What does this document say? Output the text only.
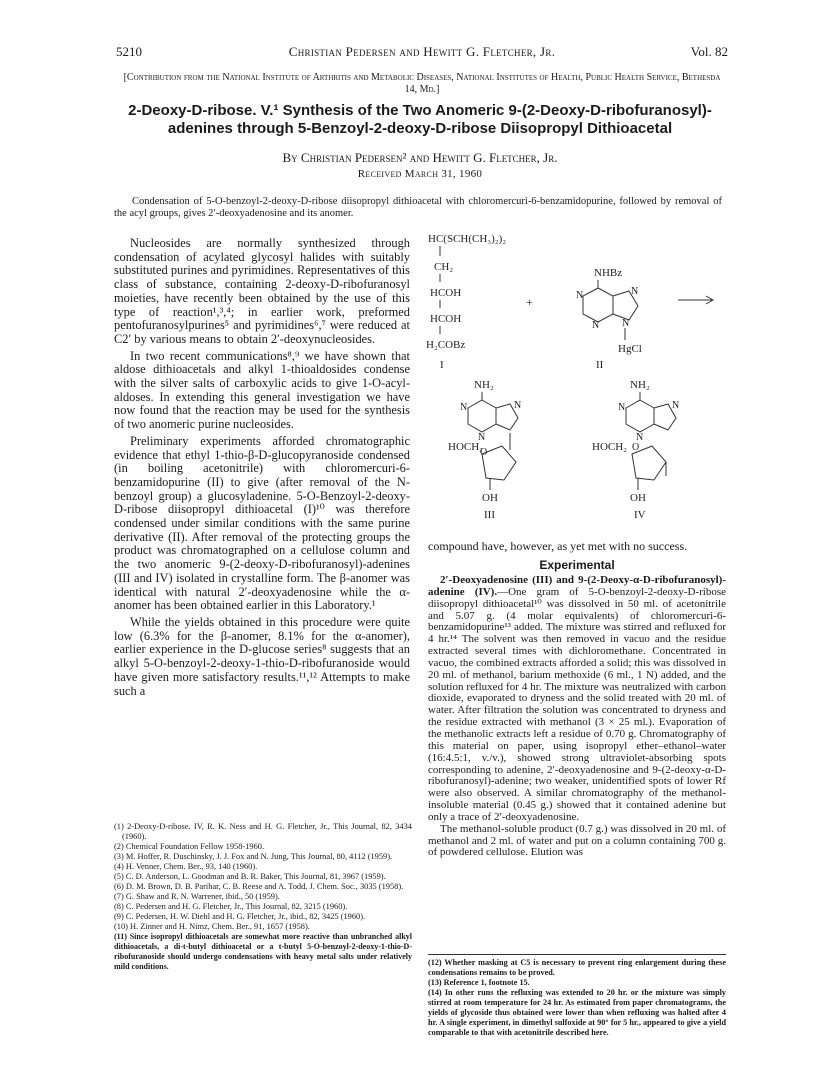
5210	Christian Pedersen and Hewitt G. Fletcher, Jr.	Vol. 82
[Contribution from the National Institute of Arthritis and Metabolic Diseases, National Institutes of Health, Public Health Service, Bethesda 14, Md.]
2-Deoxy-D-ribose. V.¹ Synthesis of the Two Anomeric 9-(2-Deoxy-D-ribofuranosyl)-adenines through 5-Benzoyl-2-deoxy-D-ribose Diisopropyl Dithioacetal
By Christian Pedersen² and Hewitt G. Fletcher, Jr.
Received March 31, 1960
Condensation of 5-O-benzoyl-2-deoxy-D-ribose diisopropyl dithioacetal with chloromercuri-6-benzamidopurine, followed by removal of the acyl groups, gives 2′-deoxyadenosine and its anomer.

Nucleosides are normally synthesized through condensation of acylated glycosyl halides with suitably substituted purines and pyrimidines. Representatives of this class of substance, containing 2-deoxy-D-ribofuranosyl moieties, have recently been obtained by the use of this type of reaction¹,³,⁴; in earlier work, preformed pentofuranosylpurines⁵ and pyrimidines⁶,⁷ were reduced at C2′ by various means to obtain 2′-deoxynucleosides.

In two recent communications⁸,⁹ we have shown that aldose dithioacetals and alkyl 1-thioaldosides condense with the silver salts of carboxylic acids to give 1-O-acyl-aldoses. In extending this general investigation we have now found that the reaction may be used for the synthesis of two anomeric purine nucleosides.

Preliminary experiments afforded chromatographic evidence that ethyl 1-thio-β-D-glucopyranoside condensed (in boiling acetonitrile) with chloromercuri-6-benzamidopurine (II) to give (after removal of the N-benzoyl group) a glucosyladenine. 5-O-Benzoyl-2-deoxy-D-ribose diisopropyl dithioacetal (I)¹⁰ was therefore condensed under similar conditions with the same purine derivative (II). After removal of the protecting groups the product was chromatographed on a cellulose column and the two anomeric 9-(2-deoxy-D-ribofuranosyl)-adenines (III and IV) isolated in crystalline form. The β-anomer was identical with natural 2′-deoxyadenosine while the α-anomer has been obtained earlier in this Laboratory.¹

While the yields obtained in this procedure were quite low (6.3% for the β-anomer, 8.1% for the α-anomer), earlier experience in the D-glucose series⁸ suggests that an alkyl 5-O-benzoyl-2-deoxy-1-thio-D-ribofuranoside would have given more satisfactory results.¹¹,¹² Attempts to make such a

(1) 2-Deoxy-D-ribose. IV, R. K. Ness and H. G. Fletcher, Jr., This Journal, 82, 3434 (1960).

(2) Chemical Foundation Fellow 1958-1960.

(3) M. Hoffer, R. Duschinsky, J. J. Fox and N. Jung, This Journal, 80, 4112 (1959).

(4) H. Venner, Chem. Ber., 93, 140 (1960).

(5) C. D. Anderson, L. Goodman and B. R. Baker, This Journal, 81, 3967 (1959).

(6) D. M. Brown, D. B. Parihar, C. B. Reese and A. Todd, J. Chem. Soc., 3035 (1958).

(7) G. Shaw and R. N. Warrener, ibid., 50 (1959).

(8) C. Pedersen and H. G. Fletcher, Jr., This Journal, 82, 3215 (1960).

(9) C. Pedersen, H. W. Diehl and H. G. Fletcher, Jr., ibid., 82, 3425 (1960).

(10) H. Zinner and H. Nimz, Chem. Ber., 91, 1657 (1958).

(11) Since isopropyl dithioacetals are somewhat more reactive than unbranched alkyl dithioacetals, a di-t-butyl dithioacetal or a t-butyl 5-O-benzoyl-2-deoxy-1-thio-D-ribofuranoside should undergo condensations with heavy metal salts under relatively mild conditions.

HC(SCH(CH₃)₂)₂
CH₂
HCOH
HCOH
H₂COBz
I
+
NHBz
N	N
N N
HgCl
II
NH₂
N
N
N
HOCH₂
O
OH
III
NH₂
N
N
N
HOCH₂ O
OH
IV

compound have, however, as yet met with no success.

Experimental

2′-Deoxyadenosine (III) and 9-(2-Deoxy-α-D-ribofuranosyl)-adenine (IV).—One gram of 5-O-benzoyl-2-deoxy-D-ribose diisopropyl dithioacetal¹⁰ was dissolved in 50 ml. of acetonitrile and 5.07 g. (4 molar equivalents) of chloromercuri-6-benzamidopurine¹³ added. The mixture was stirred and refluxed for 4 hr.¹⁴ The solvent was then removed in vacuo and the residue extracted several times with dichloromethane. Concentrated in vacuo, the combined extracts afforded a solid; this was dissolved in 20 ml. of methanol, barium methoxide (6 ml., 1 N) added, and the solution refluxed for 4 hr. The mixture was neutralized with carbon dioxide, evaporated to dryness and the solid treated with 20 ml. of water. After filtration the solution was concentrated to dryness and the residue extracted with methanol (3 × 25 ml.). Evaporation of the methanolic extracts left a residue of 0.70 g. Chromatography of this material on paper, using isopropyl ether–ethanol–water (16:4.5:1, v./v.), showed strong ultraviolet-absorbing spots corresponding to adenine, 2′-deoxyadenosine and 9-(2-deoxy-α-D-ribofuranosyl)-adenine; two weaker, unidentified spots of lower Rf were also observed. A similar chromatography of the methanol-insoluble material (0.45 g.) showed that it contained adenine but only a trace of 2′-deoxyadenosine.

The methanol-soluble product (0.7 g.) was dissolved in 20 ml. of methanol and 2 ml. of water and put on a column containing 700 g. of powdered cellulose. Elution was

(12) Whether masking at C5 is necessary to prevent ring enlargement during these condensations remains to be proved.

(13) Reference 1, footnote 15.

(14) In other runs the refluxing was extended to 20 hr. or the mixture was simply stirred at room temperature for 24 hr. As estimated from paper chromatograms, the yields of glycoside thus obtained were lower than when refluxing was halted after 4 hr. A single experiment, in dimethyl sulfoxide at 90° for 5 hr., appeared to give a yield comparable to that with acetonitrile described here.
